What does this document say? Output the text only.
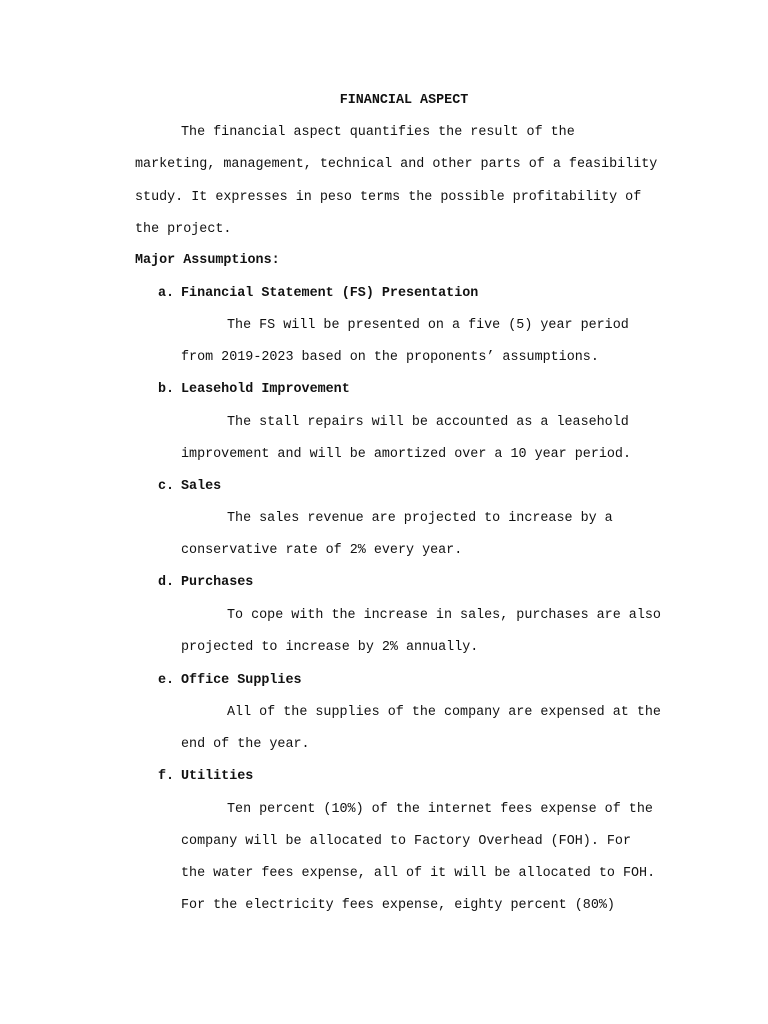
FINANCIAL ASPECT
The financial aspect quantifies the result of the
marketing, management, technical and other parts of a feasibility
study. It expresses in peso terms the possible profitability of
the project.
Major Assumptions:
a. Financial Statement (FS) Presentation
The FS will be presented on a five (5) year period
from 2019-2023 based on the proponents’ assumptions.
b. Leasehold Improvement
The stall repairs will be accounted as a leasehold
improvement and will be amortized over a 10 year period.
c. Sales
The sales revenue are projected to increase by a
conservative rate of 2% every year.
d. Purchases
To cope with the increase in sales, purchases are also
projected to increase by 2% annually.
e. Office Supplies
All of the supplies of the company are expensed at the
end of the year.
f. Utilities
Ten percent (10%) of the internet fees expense of the
company will be allocated to Factory Overhead (FOH). For
the water fees expense, all of it will be allocated to FOH.
For the electricity fees expense, eighty percent (80%)
